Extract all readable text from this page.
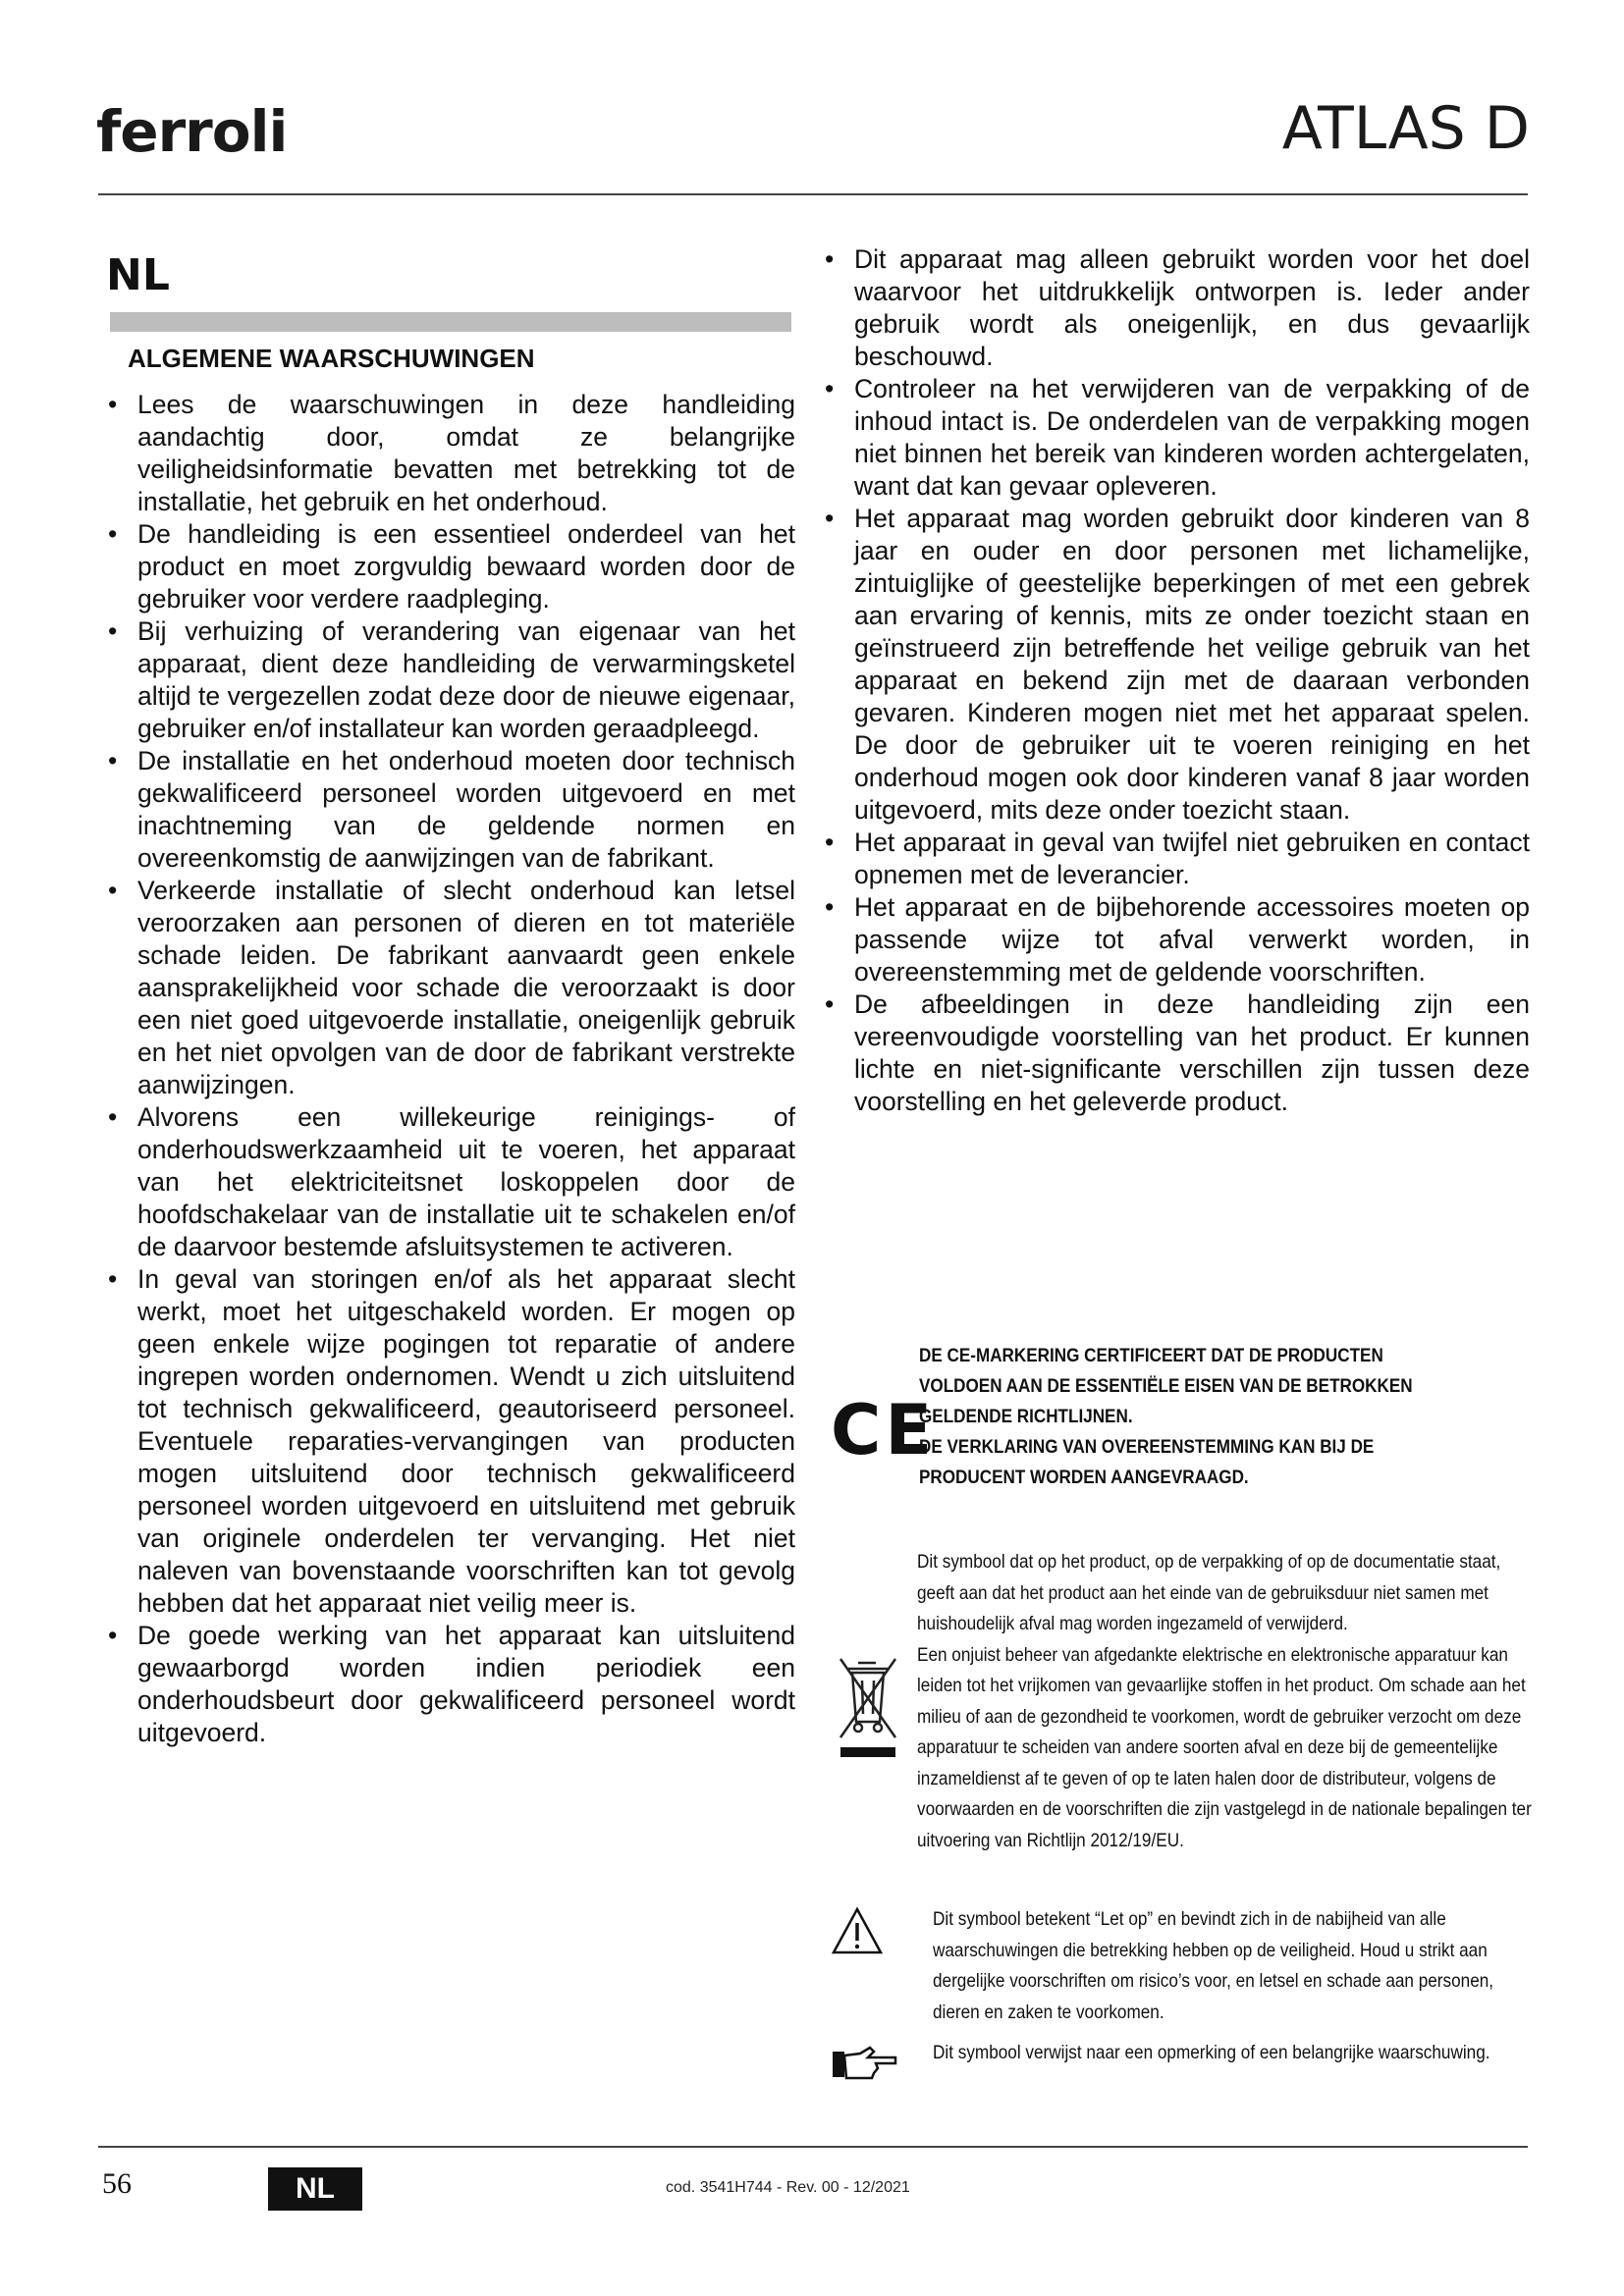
ferroli	ATLAS D
NL
ALGEMENE WAARSCHUWINGEN
• Lees de waarschuwingen in deze handleiding aandachtig door, omdat ze belangrijke veiligheidsinformatie bevatten met betrekking tot de installatie, het gebruik en het onderhoud.
• De handleiding is een essentieel onderdeel van het product en moet zorgvuldig bewaard worden door de gebruiker voor verdere raadpleging.
• Bij verhuizing of verandering van eigenaar van het apparaat, dient deze handleiding de verwarmingsketel altijd te vergezellen zodat deze door de nieuwe eigenaar, gebruiker en/of installateur kan worden geraadpleegd.
• De installatie en het onderhoud moeten door technisch gekwalificeerd personeel worden uitgevoerd en met inachtneming van de geldende normen en overeenkomstig de aanwijzingen van de fabrikant.
• Verkeerde installatie of slecht onderhoud kan letsel veroorzaken aan personen of dieren en tot materiële schade leiden. De fabrikant aanvaardt geen enkele aansprakelijkheid voor schade die veroorzaakt is door een niet goed uitgevoerde installatie, oneigenlijk gebruik en het niet opvolgen van de door de fabrikant verstrekte aanwijzingen.
• Alvorens een willekeurige reinigings- of onderhoudswerkzaamheid uit te voeren, het apparaat van het elektriciteitsnet loskoppelen door de hoofdschakelaar van de installatie uit te schakelen en/of de daarvoor bestemde afsluitsystemen te activeren.
• In geval van storingen en/of als het apparaat slecht werkt, moet het uitgeschakeld worden. Er mogen op geen enkele wijze pogingen tot reparatie of andere ingrepen worden ondernomen. Wendt u zich uitsluitend tot technisch gekwalificeerd, geautoriseerd personeel. Eventuele reparaties-vervangingen van producten mogen uitsluitend door technisch gekwalificeerd personeel worden uitgevoerd en uitsluitend met gebruik van originele onderdelen ter vervanging. Het niet naleven van bovenstaande voorschriften kan tot gevolg hebben dat het apparaat niet veilig meer is.
• De goede werking van het apparaat kan uitsluitend gewaarborgd worden indien periodiek een onderhoudsbeurt door gekwalificeerd personeel wordt uitgevoerd.
• Dit apparaat mag alleen gebruikt worden voor het doel waarvoor het uitdrukkelijk ontworpen is. Ieder ander gebruik wordt als oneigenlijk, en dus gevaarlijk beschouwd.
• Controleer na het verwijderen van de verpakking of de inhoud intact is. De onderdelen van de verpakking mogen niet binnen het bereik van kinderen worden achtergelaten, want dat kan gevaar opleveren.
• Het apparaat mag worden gebruikt door kinderen van 8 jaar en ouder en door personen met lichamelijke, zintuiglijke of geestelijke beperkingen of met een gebrek aan ervaring of kennis, mits ze onder toezicht staan en geïnstrueerd zijn betreffende het veilige gebruik van het apparaat en bekend zijn met de daaraan verbonden gevaren. Kinderen mogen niet met het apparaat spelen. De door de gebruiker uit te voeren reiniging en het onderhoud mogen ook door kinderen vanaf 8 jaar worden uitgevoerd, mits deze onder toezicht staan.
• Het apparaat in geval van twijfel niet gebruiken en contact opnemen met de leverancier.
• Het apparaat en de bijbehorende accessoires moeten op passende wijze tot afval verwerkt worden, in overeenstemming met de geldende voorschriften.
• De afbeeldingen in deze handleiding zijn een vereenvoudigde voorstelling van het product. Er kunnen lichte en niet-significante verschillen zijn tussen deze voorstelling en het geleverde product.
CE
DE CE-MARKERING CERTIFICEERT DAT DE PRODUCTEN VOLDOEN AAN DE ESSENTIËLE EISEN VAN DE BETROKKEN GELDENDE RICHTLIJNEN.
DE VERKLARING VAN OVEREENSTEMMING KAN BIJ DE PRODUCENT WORDEN AANGEVRAAGD.
Dit symbool dat op het product, op de verpakking of op de documentatie staat, geeft aan dat het product aan het einde van de gebruiksduur niet samen met huishoudelijk afval mag worden ingezameld of verwijderd.
Een onjuist beheer van afgedankte elektrische en elektronische apparatuur kan leiden tot het vrijkomen van gevaarlijke stoffen in het product. Om schade aan het milieu of aan de gezondheid te voorkomen, wordt de gebruiker verzocht om deze apparatuur te scheiden van andere soorten afval en deze bij de gemeentelijke inzameldienst af te geven of op te laten halen door de distributeur, volgens de voorwaarden en de voorschriften die zijn vastgelegd in de nationale bepalingen ter uitvoering van Richtlijn 2012/19/EU.
Dit symbool betekent “Let op” en bevindt zich in de nabijheid van alle waarschuwingen die betrekking hebben op de veiligheid. Houd u strikt aan dergelijke voorschriften om risico’s voor, en letsel en schade aan personen, dieren en zaken te voorkomen.
Dit symbool verwijst naar een opmerking of een belangrijke waarschuwing.
56	NL	cod. 3541H744 - Rev. 00 - 12/2021
